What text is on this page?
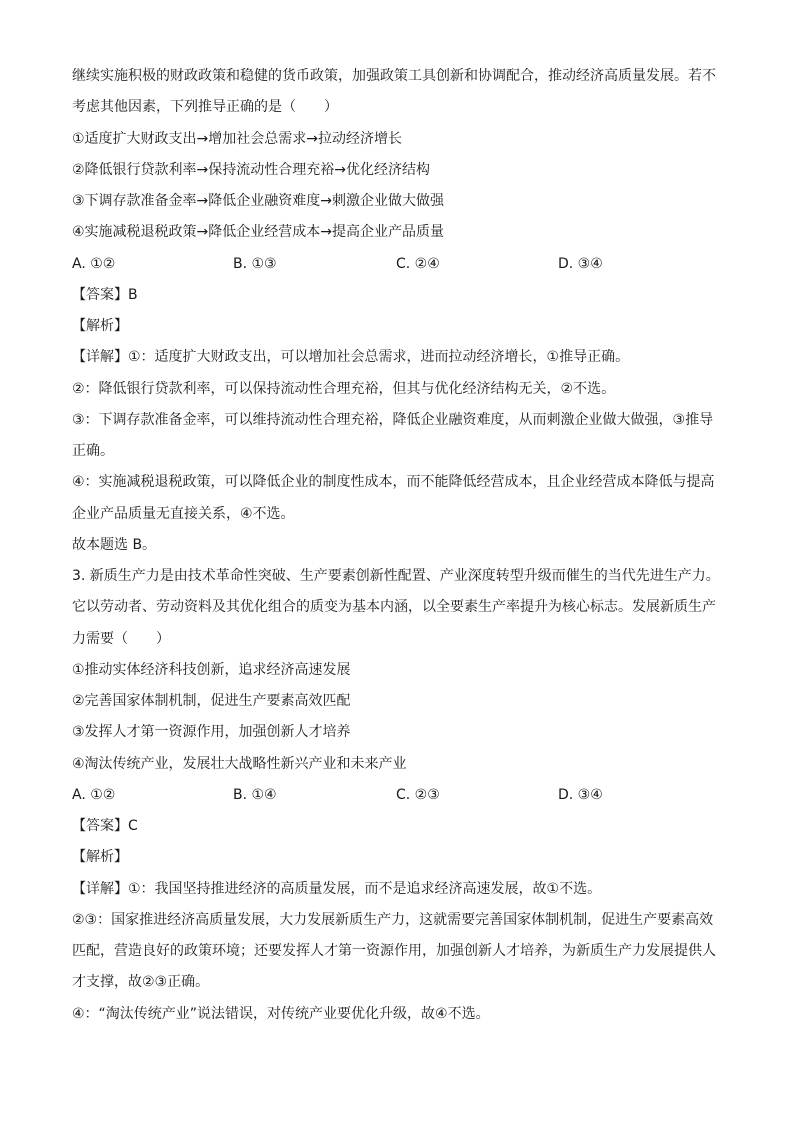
继续实施积极的财政政策和稳健的货币政策，加强政策工具创新和协调配合，推动经济高质量发展。若不
考虑其他因素，下列推导正确的是（　　）
①适度扩大财政支出→增加社会总需求→拉动经济增长
②降低银行贷款利率→保持流动性合理充裕→优化经济结构
③下调存款准备金率→降低企业融资难度→刺激企业做大做强
④实施减税退税政策→降低企业经营成本→提高企业产品质量
A. ①②	B. ①③	C. ②④	D. ③④
【答案】B
【解析】
【详解】①：适度扩大财政支出，可以增加社会总需求，进而拉动经济增长，①推导正确。
②：降低银行贷款利率，可以保持流动性合理充裕，但其与优化经济结构无关，②不选。
③：下调存款准备金率，可以维持流动性合理充裕，降低企业融资难度，从而刺激企业做大做强，③推导
正确。
④：实施减税退税政策，可以降低企业的制度性成本，而不能降低经营成本，且企业经营成本降低与提高
企业产品质量无直接关系，④不选。
故本题选 B。
3. 新质生产力是由技术革命性突破、生产要素创新性配置、产业深度转型升级而催生的当代先进生产力。
它以劳动者、劳动资料及其优化组合的质变为基本内涵，以全要素生产率提升为核心标志。发展新质生产
力需要（　　）
①推动实体经济科技创新，追求经济高速发展
②完善国家体制机制，促进生产要素高效匹配
③发挥人才第一资源作用，加强创新人才培养
④淘汰传统产业，发展壮大战略性新兴产业和未来产业
A. ①②	B. ①④	C. ②③	D. ③④
【答案】C
【解析】
【详解】①：我国坚持推进经济的高质量发展，而不是追求经济高速发展，故①不选。
②③：国家推进经济高质量发展，大力发展新质生产力，这就需要完善国家体制机制，促进生产要素高效
匹配，营造良好的政策环境；还要发挥人才第一资源作用，加强创新人才培养，为新质生产力发展提供人
才支撑，故②③正确。
④：“淘汰传统产业”说法错误，对传统产业要优化升级，故④不选。
